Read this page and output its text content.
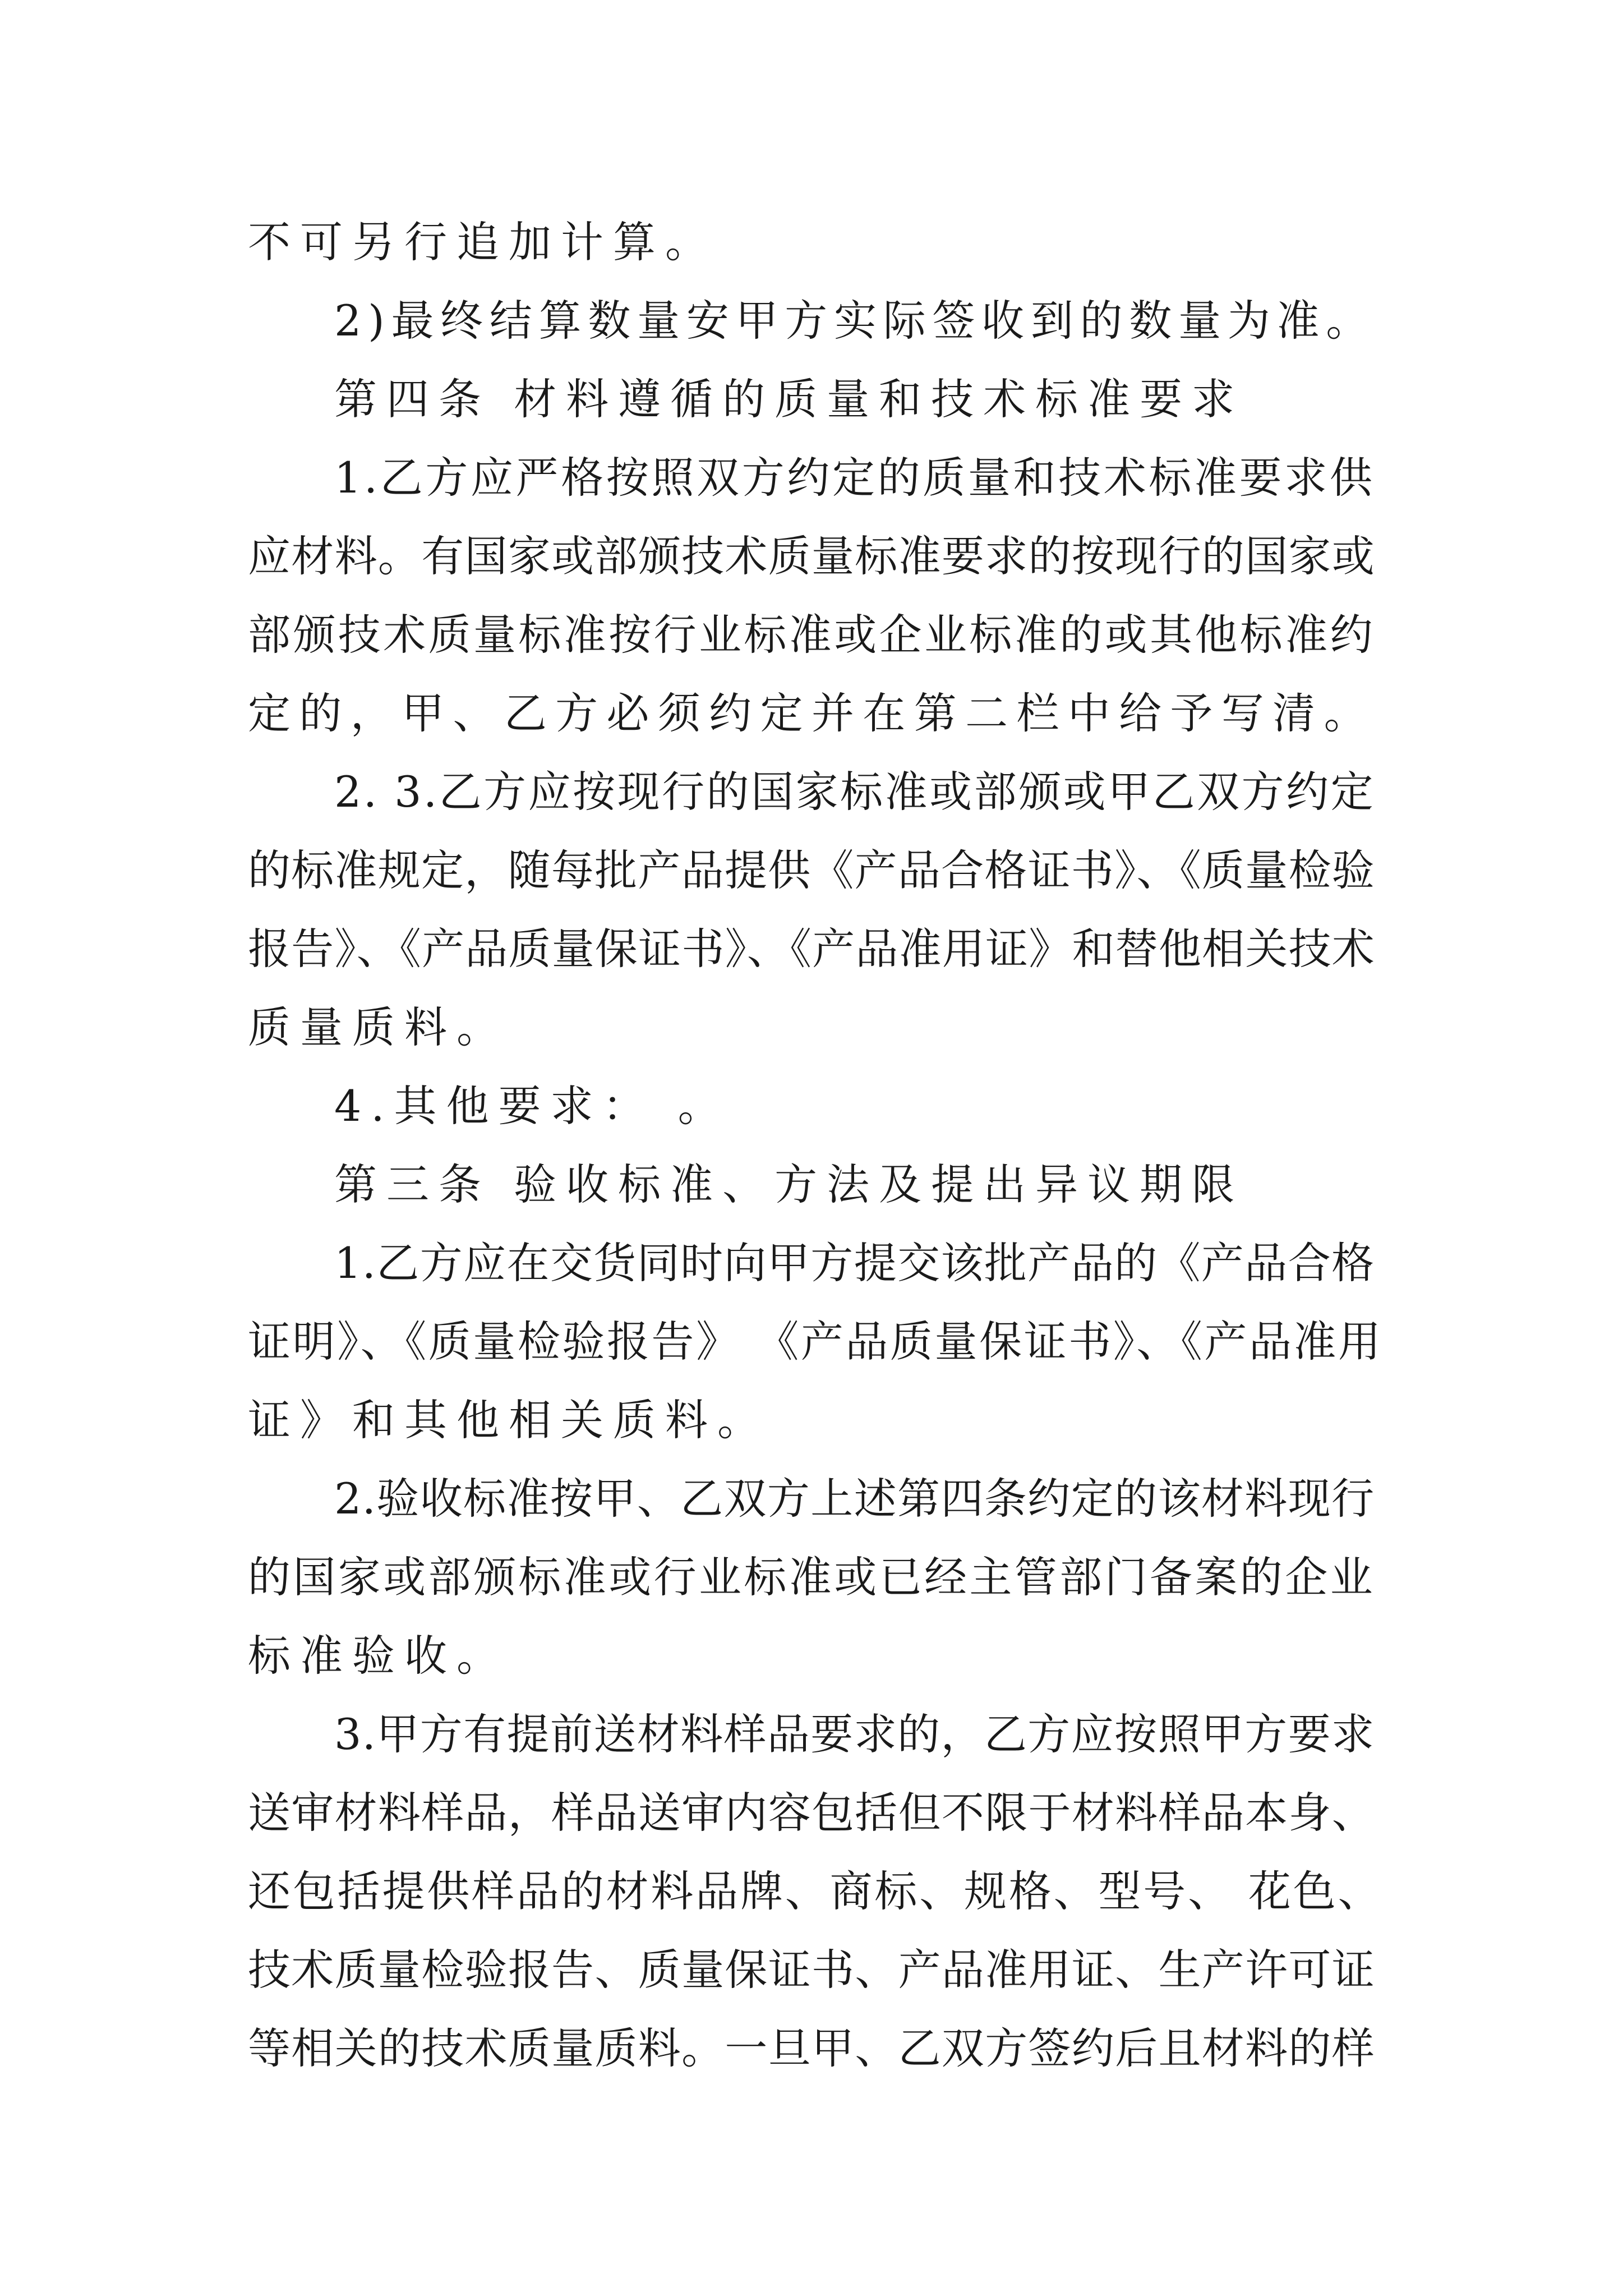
不可另行追加计算。
2)最终结算数量安甲方实际签收到的数量为准。
第四条 材料遵循的质量和技术标准要求
1.乙方应严格按照双方约定的质量和技术标准要求供
应材料。有国家或部颁技术质量标准要求的按现行的国家或
部颁技术质量标准按行业标准或企业标准的或其他标准约
定的，甲、乙方必须约定并在第二栏中给予写清。
2. 3.乙方应按现行的国家标准或部颁或甲乙双方约定
的标准规定，随每批产品提供《产品合格证书》、《质量检验
报告》、《产品质量保证书》、《产品准用证》和替他相关技术
质量质料。
4.其他要求： 。
第三条 验收标准、方法及提出异议期限
1.乙方应在交货同时向甲方提交该批产品的《产品合格
证明》、《质量检验报告》 《产品质量保证书》、《产品准用
证》和其他相关质料。
2.验收标准按甲、乙双方上述第四条约定的该材料现行
的国家或部颁标准或行业标准或已经主管部门备案的企业
标准验收。
3.甲方有提前送材料样品要求的，乙方应按照甲方要求
送审材料样品，样品送审内容包括但不限于材料样品本身、
还包括提供样品的材料品牌、商标、规格、型号、 花色、
技术质量检验报告、质量保证书、产品准用证、生产许可证
等相关的技术质量质料。一旦甲、乙双方签约后且材料的样
